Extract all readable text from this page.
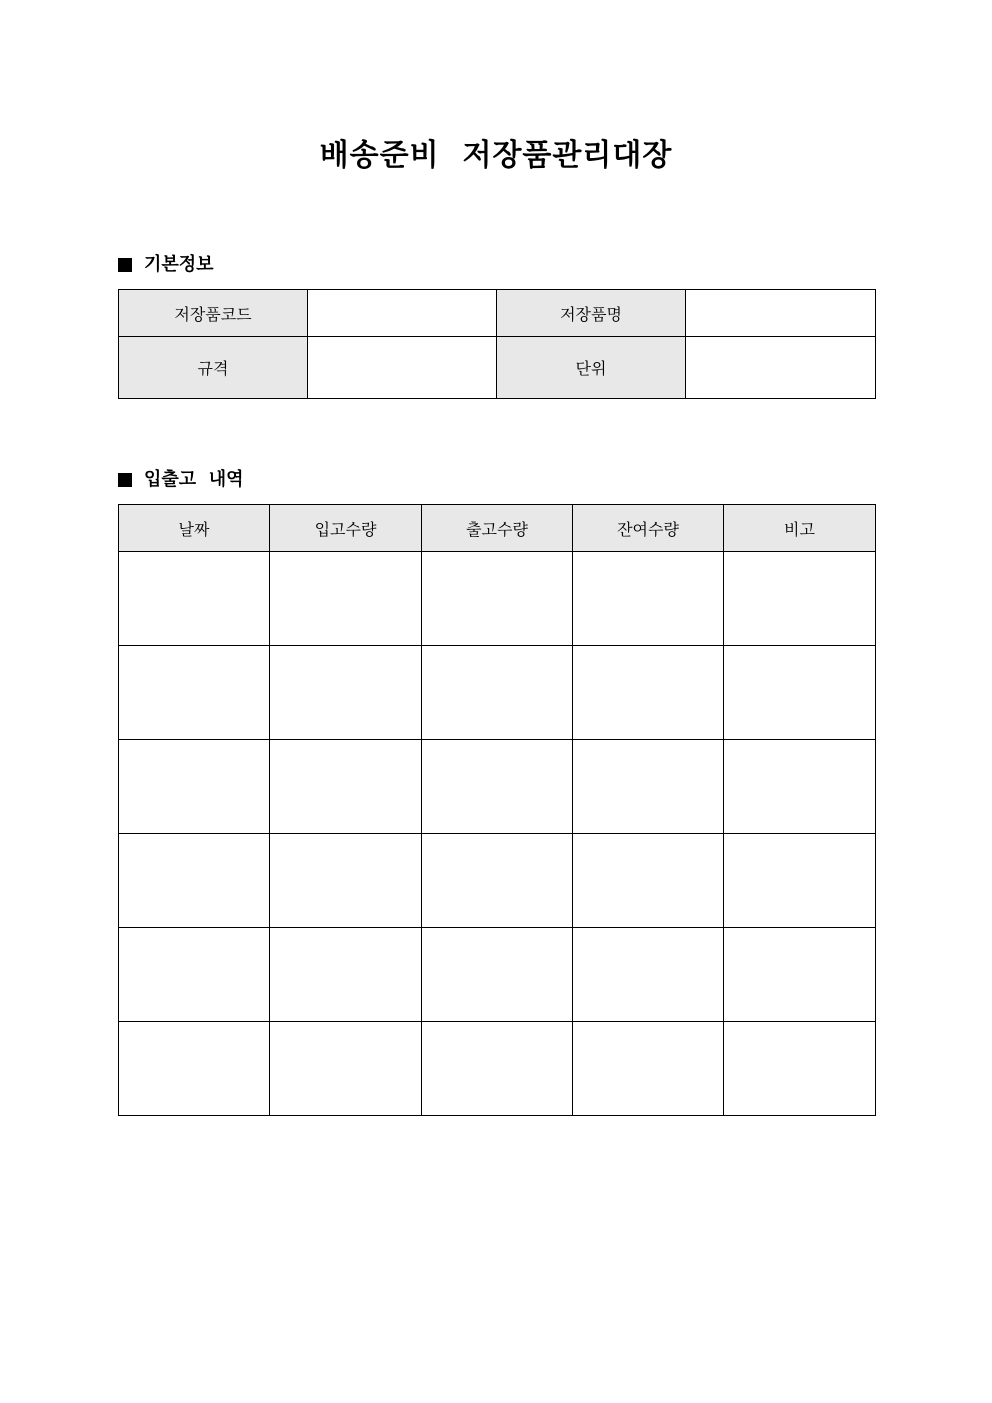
배송준비  저장품관리대장
기본정보
저장품코드		저장품명	
규격		단위	
입출고  내역
날짜	입고수량	출고수량	잔여수량	비고
